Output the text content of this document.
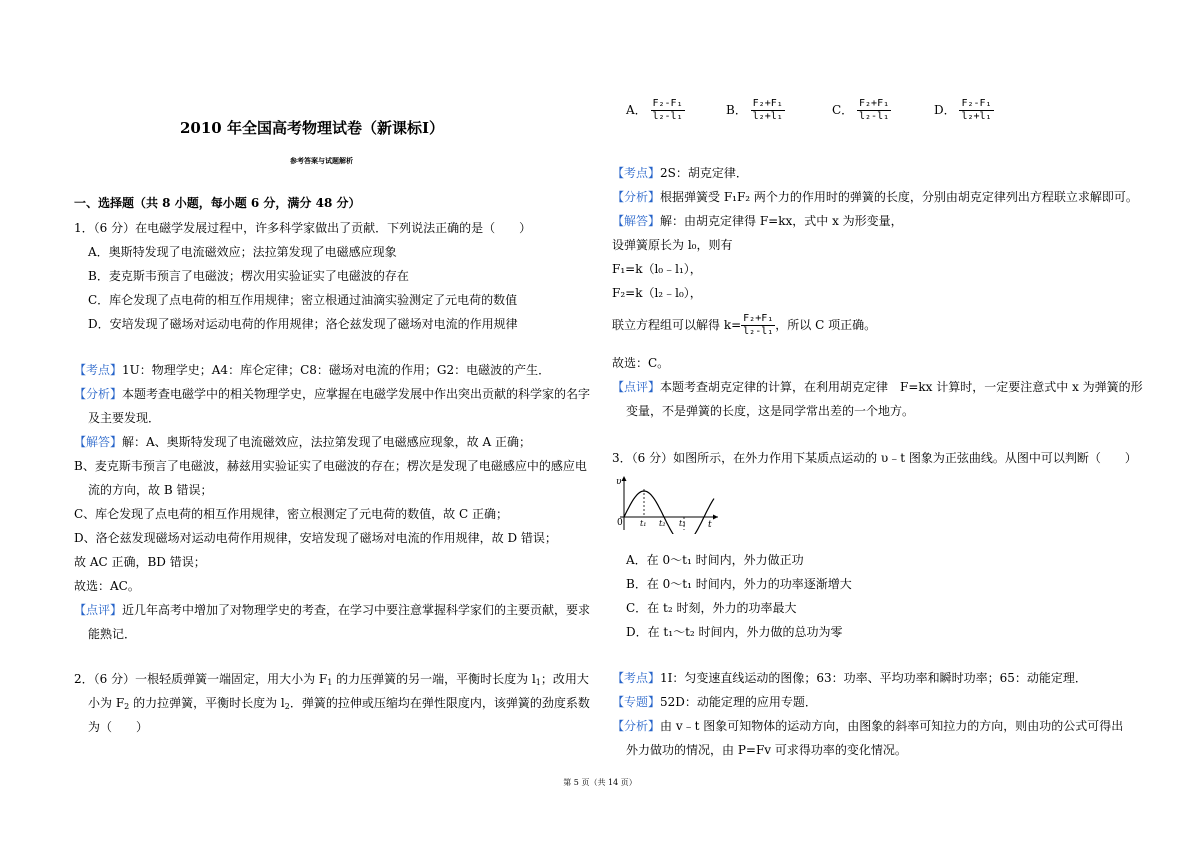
2010 年全国高考物理试卷（新课标Ⅰ）
参考答案与试题解析
一、选择题（共 8 小题，每小题 6 分，满分 48 分）
1．（6 分）在电磁学发展过程中，许多科学家做出了贡献．下列说法正确的是（　　）
A．奥斯特发现了电流磁效应；法拉第发现了电磁感应现象
B．麦克斯韦预言了电磁波；楞次用实验证实了电磁波的存在
C．库仑发现了点电荷的相互作用规律；密立根通过油滴实验测定了元电荷的数值
D．安培发现了磁场对运动电荷的作用规律；洛仑兹发现了磁场对电流的作用规律
【考点】1U：物理学史；A4：库仑定律；C8：磁场对电流的作用；G2：电磁波的产生．
【分析】本题考查电磁学中的相关物理学史，应掌握在电磁学发展中作出突出贡献的科学家的名字
及主要发现．
【解答】解：A、奥斯特发现了电流磁效应，法拉第发现了电磁感应现象，故 A 正确；
B、麦克斯韦预言了电磁波，赫兹用实验证实了电磁波的存在；楞次是发现了电磁感应中的感应电
流的方向，故 B 错误；
C、库仑发现了点电荷的相互作用规律，密立根测定了元电荷的数值，故 C 正确；
D、洛仑兹发现磁场对运动电荷作用规律，安培发现了磁场对电流的作用规律，故 D 错误；
故 AC 正确，BD 错误；
故选：AC。
【点评】近几年高考中增加了对物理学史的考查，在学习中要注意掌握科学家们的主要贡献，要求
能熟记．
2．（6 分）一根轻质弹簧一端固定，用大小为 $F_1$ 的力压弹簧的另一端，平衡时长度为 $l_1$；改用大
小为 $F_2$ 的力拉弹簧，平衡时长度为 $l_2$．弹簧的拉伸或压缩均在弹性限度内，该弹簧的劲度系数
为（　　）
A． $\frac{\text{F₂-F₁}}{\text{l₂-l₁}}$	B． $\frac{\text{F₂+F₁}}{\text{l₂+l₁}}$	C． $\frac{\text{F₂+F₁}}{\text{l₂-l₁}}$	D． $\frac{\text{F₂-F₁}}{\text{l₂+l₁}}$
【考点】2S：胡克定律．
【分析】根据弹簧受 F₁F₂ 两个力的作用时的弹簧的长度，分别由胡克定律列出方程联立求解即可。
【解答】解：由胡克定律得 F=kx，式中 x 为形变量，
设弹簧原长为 l₀，则有
F₁=k（l₀﹣l₁），
F₂=k（l₂﹣l₀），
联立方程组可以解得 $k= \frac{\text{F₂+F₁}}{\text{l₂-l₁}}$ ，所以 C 项正确。
故选：C。
【点评】本题考查胡克定律的计算，在利用胡克定律　F=kx 计算时，一定要注意式中 x 为弹簧的形
变量，不是弹簧的长度，这是同学常出差的一个地方。
3．（6 分）如图所示，在外力作用下某质点运动的 υ﹣t 图象为正弦曲线。从图中可以判断（　　）
υ
t
0 t₁ t₂ t₃
A．在 0～t₁ 时间内，外力做正功
B．在 0～t₁ 时间内，外力的功率逐渐增大
C．在 t₂ 时刻，外力的功率最大
D．在 t₁～t₂ 时间内，外力做的总功为零
【考点】1I：匀变速直线运动的图像；63：功率、平均功率和瞬时功率；65：动能定理．
【专题】52D：动能定理的应用专题．
【分析】由 v﹣t 图象可知物体的运动方向，由图象的斜率可知拉力的方向，则由功的公式可得出
外力做功的情况，由 P=Fv 可求得功率的变化情况。
第 5 页（共 14 页）
